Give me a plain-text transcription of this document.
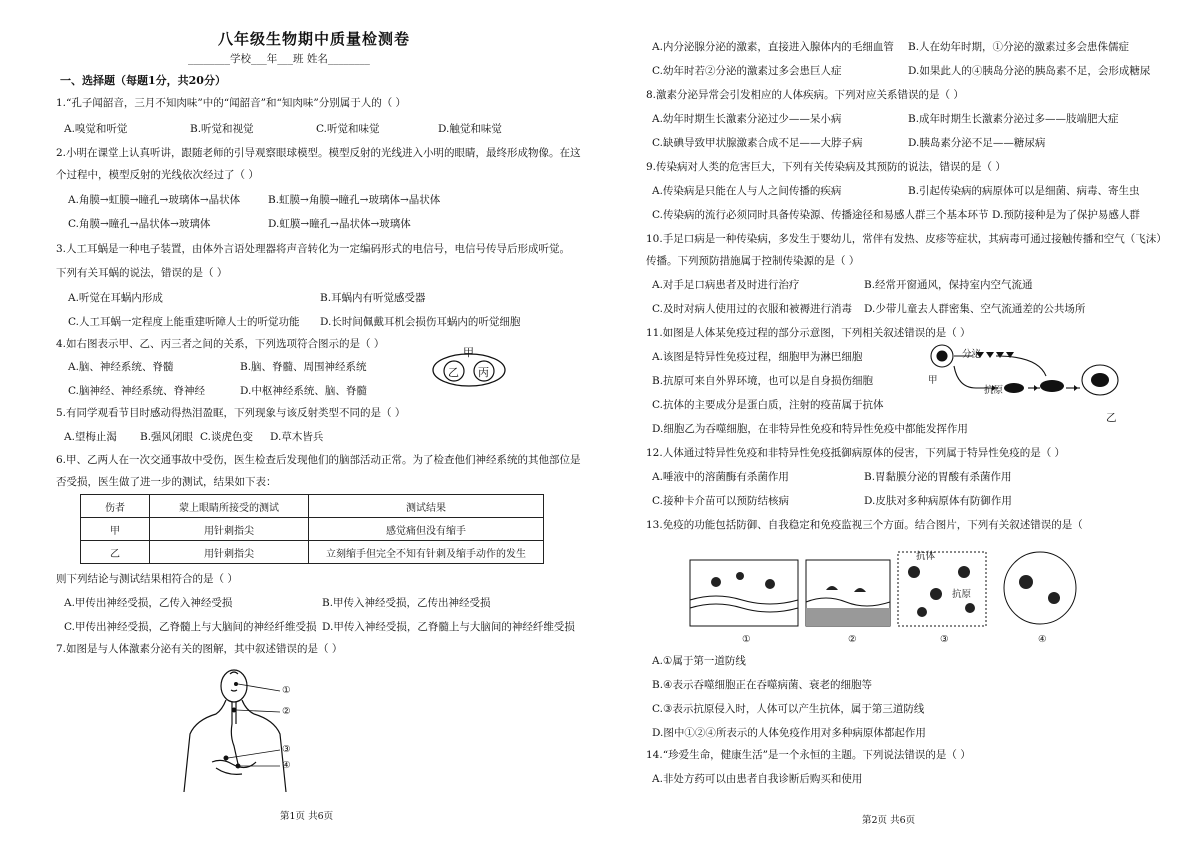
八年级生物期中质量检测卷
________学校___年___班 姓名________
一、选择题（每题1分，共20分）
1.“孔子闻韶音，三月不知肉味”中的“闻韶音”和“知肉味”分别属于人的（ ）
A.嗅觉和听觉	B.听觉和视觉	C.听觉和味觉	D.触觉和味觉
2.小明在课堂上认真听讲，跟随老师的引导观察眼球模型。模型反射的光线进入小明的眼睛，最终形成物像。在这
个过程中，模型反射的光线依次经过了（ ）
A.角膜→虹膜→瞳孔→玻璃体→晶状体	B.虹膜→角膜→瞳孔→玻璃体→晶状体
C.角膜→瞳孔→晶状体→玻璃体	D.虹膜→瞳孔→晶状体→玻璃体
3.人工耳蜗是一种电子装置，由体外言语处理器将声音转化为一定编码形式的电信号，电信号传导后形成听觉。
下列有关耳蜗的说法，错误的是（ ）
A.听觉在耳蜗内形成	B.耳蜗内有听觉感受器
C.人工耳蜗一定程度上能重建听障人士的听觉功能 D.长时间佩戴耳机会损伤耳蜗内的听觉细胞
4.如右图表示甲、乙、丙三者之间的关系，下列选项符合图示的是（ ）
A.脑、神经系统、脊髓	B.脑、脊髓、周围神经系统
C.脑神经、神经系统、脊神经	D.中枢神经系统、脑、脊髓
甲
乙 丙
5.有同学观看节目时感动得热泪盈眶，下列现象与该反射类型不同的是（ ）
A.望梅止渴 B.强风闭眼 C.谈虎色变 D.草木皆兵
6.甲、乙两人在一次交通事故中受伤，医生检查后发现他们的脑部活动正常。为了检查他们神经系统的其他部位是
否受损，医生做了进一步的测试，结果如下表：
伤者	蒙上眼睛所接受的测试	测试结果
甲	用针刺指尖	感觉痛但没有缩手
乙	用针刺指尖	立刻缩手但完全不知有针刺及缩手动作的发生
则下列结论与测试结果相符合的是（ ）
A.甲传出神经受损，乙传入神经受损	B.甲传入神经受损，乙传出神经受损
C.甲传出神经受损，乙脊髓上与大脑间的神经纤维受损 D.甲传入神经受损，乙脊髓上与大脑间的神经纤维受损
7.如图是与人体激素分泌有关的图解，其中叙述错误的是（ ）
①
②
③
④
第1页 共6页
A.内分泌腺分泌的激素，直接进入腺体内的毛细血管 B.人在幼年时期，①分泌的激素过多会患侏儒症
C.幼年时若②分泌的激素过多会患巨人症	D.如果此人的④胰岛分泌的胰岛素不足，会形成糖尿
8.激素分泌异常会引发相应的人体疾病。下列对应关系错误的是（ ）
A.幼年时期生长激素分泌过少——呆小病	B.成年时期生长激素分泌过多——肢端肥大症
C.缺碘导致甲状腺激素合成不足——大脖子病	D.胰岛素分泌不足——糖尿病
9.传染病对人类的危害巨大，下列有关传染病及其预防的说法，错误的是（ ）
A.传染病是只能在人与人之间传播的疾病	B.引起传染病的病原体可以是细菌、病毒、寄生虫
C.传染病的流行必须同时具备传染源、传播途径和易感人群三个基本环节 D.预防接种是为了保护易感人群
10.手足口病是一种传染病，多发生于婴幼儿，常伴有发热、皮疹等症状，其病毒可通过接触传播和空气（飞沫）
传播。下列预防措施属于控制传染源的是（ ）
A.对手足口病患者及时进行治疗	B.经常开窗通风，保持室内空气流通
C.及时对病人使用过的衣服和被褥进行消毒 D.少带儿童去人群密集、空气流通差的公共场所
11.如图是人体某免疫过程的部分示意图，下列相关叙述错误的是（ ）
A.该图是特异性免疫过程，细胞甲为淋巴细胞
B.抗原可来自外界环境，也可以是自身损伤细胞
C.抗体的主要成分是蛋白质，注射的疫苗属于抗体
D.细胞乙为吞噬细胞，在非特异性免疫和特异性免疫中都能发挥作用
分泌
甲
抗原
乙
12.人体通过特异性免疫和非特异性免疫抵御病原体的侵害，下列属于特异性免疫的是（ ）
A.唾液中的溶菌酶有杀菌作用	B.胃黏膜分泌的胃酸有杀菌作用
C.接种卡介苗可以预防结核病	D.皮肤对多种病原体有防御作用
13.免疫的功能包括防御、自我稳定和免疫监视三个方面。结合图片，下列有关叙述错误的是（
抗体
抗原
①	②	③	④
A.①属于第一道防线
B.④表示吞噬细胞正在吞噬病菌、衰老的细胞等
C.③表示抗原侵入时，人体可以产生抗体，属于第三道防线
D.图中①②④所表示的人体免疫作用对多种病原体都起作用
14.“珍爱生命，健康生活”是一个永恒的主题。下列说法错误的是（ ）
A.非处方药可以由患者自我诊断后购买和使用
第2页 共6页
